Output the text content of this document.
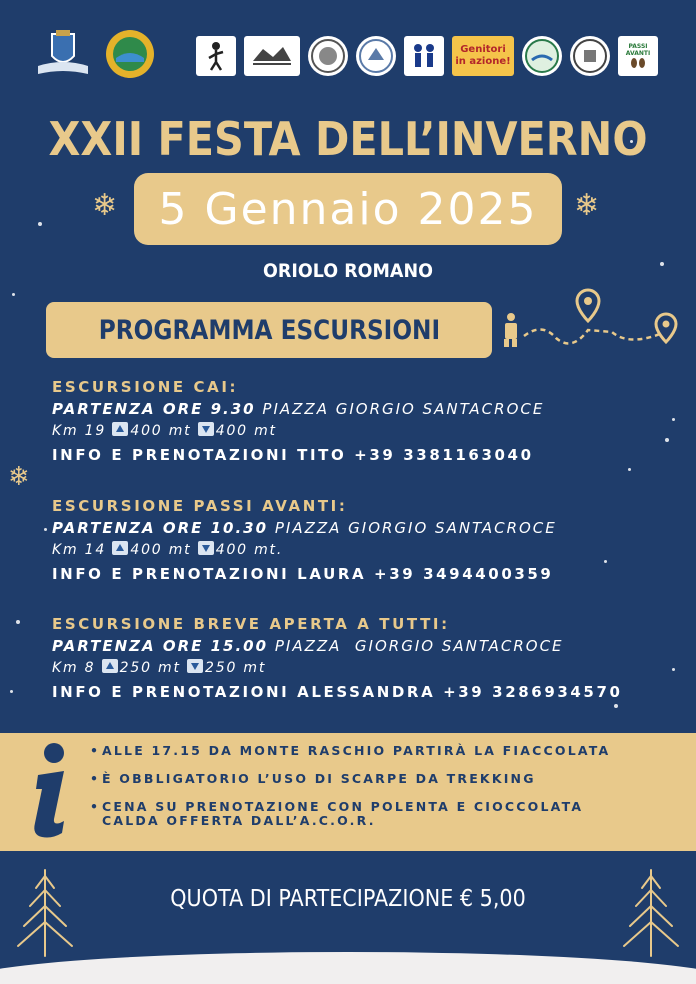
Genitori
in azione!
PASSI AVANTI
XXII FESTA DELL’INVERNO
❄	❄
❄
5 Gennaio 2025
ORIOLO ROMANO
PROGRAMMA ESCURSIONI
ESCURSIONE CAI:
PARTENZA ORE 9.30 PIAZZA GIORGIO SANTACROCE
Km 19 400 mt 400 mt
INFO E PRENOTAZIONI TITO +39 3381163040
ESCURSIONE PASSI AVANTI:
PARTENZA ORE 10.30 PIAZZA GIORGIO SANTACROCE
Km 14 400 mt 400 mt.
INFO E PRENOTAZIONI LAURA +39 3494400359
ESCURSIONE BREVE APERTA A TUTTI:
PARTENZA ORE 15.00 PIAZZA  GIORGIO SANTACROCE
Km 8 250 mt 250 mt
INFO E PRENOTAZIONI ALESSANDRA +39 3286934570
• ALLE 17.15 DA MONTE RASCHIO PARTIRÀ LA FIACCOLATA
• È OBBLIGATORIO L’USO DI SCARPE DA TREKKING
• CENA SU PRENOTAZIONE CON POLENTA E CIOCCOLATA
CALDA OFFERTA DALL’A.C.O.R.
QUOTA DI PARTECIPAZIONE € 5,00
